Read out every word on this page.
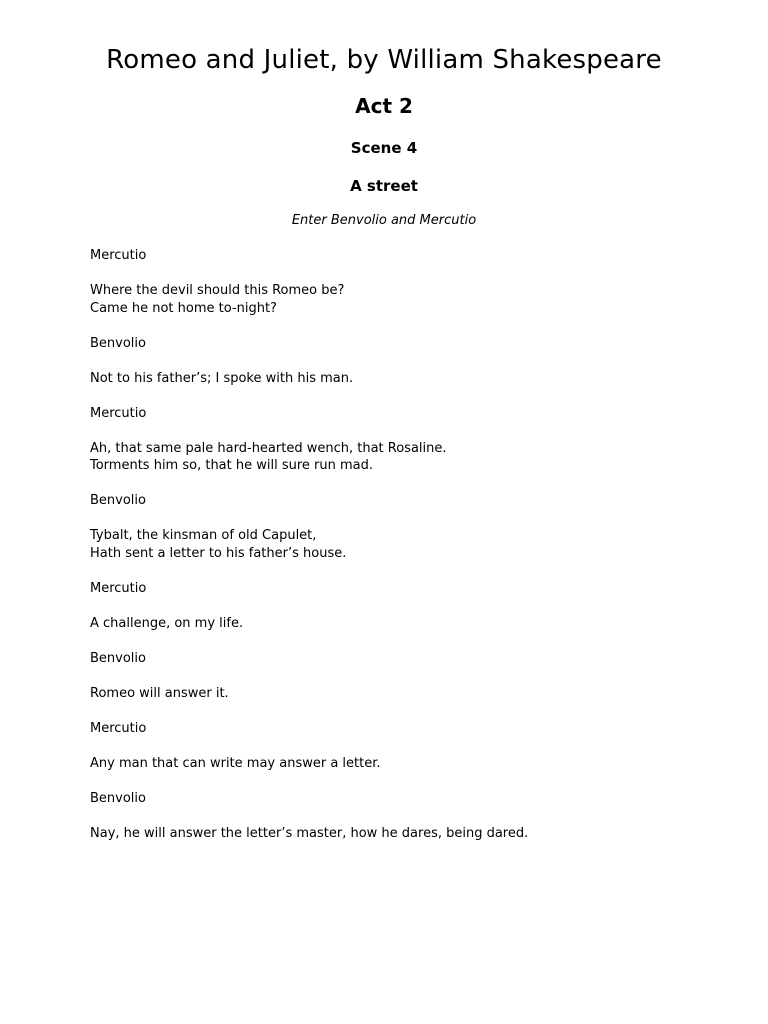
Romeo and Juliet, by William Shakespeare
Act 2
Scene 4
A street

Enter Benvolio and Mercutio

Mercutio
Where the devil should this Romeo be?
Came he not home to-night?
Benvolio
Not to his father’s; I spoke with his man.
Mercutio
Ah, that same pale hard-hearted wench, that Rosaline.
Torments him so, that he will sure run mad.
Benvolio
Tybalt, the kinsman of old Capulet,
Hath sent a letter to his father’s house.
Mercutio
A challenge, on my life.
Benvolio
Romeo will answer it.
Mercutio
Any man that can write may answer a letter.
Benvolio
Nay, he will answer the letter’s master, how he dares, being dared.
